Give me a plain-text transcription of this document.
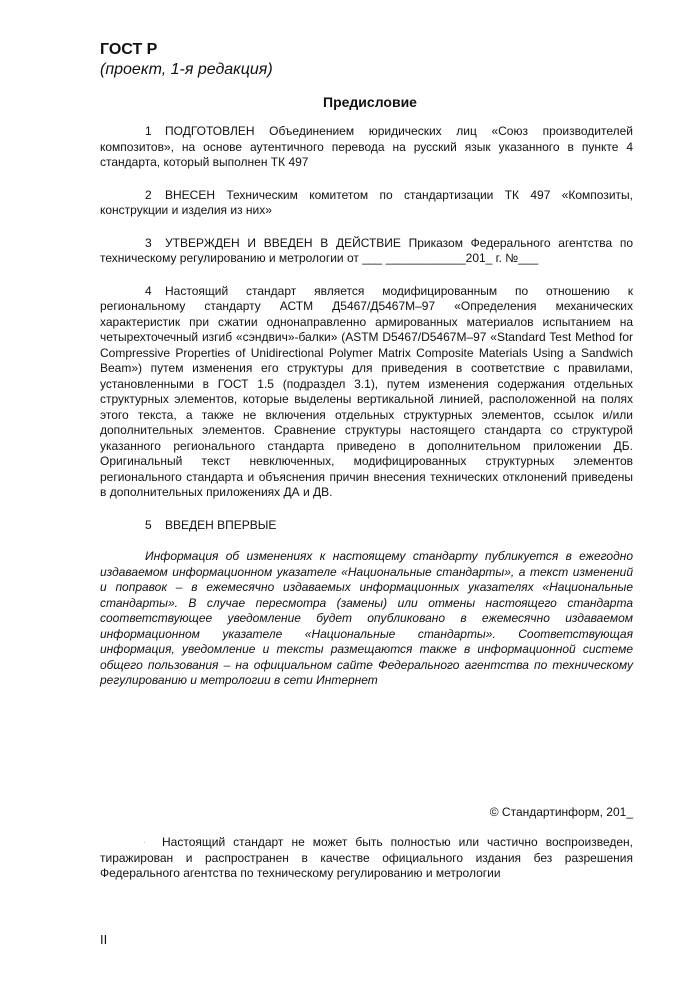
ГОСТ Р
(проект, 1-я редакция)
Предисловие

1 ПОДГОТОВЛЕН Объединением юридических лиц «Союз производителей композитов», на основе аутентичного перевода на русский язык указанного в пункте 4 стандарта, который выполнен ТК 497

2 ВНЕСЕН Техническим комитетом по стандартизации ТК 497 «Композиты, конструкции и изделия из них»

3 УТВЕРЖДЕН И ВВЕДЕН В ДЕЙСТВИЕ Приказом Федерального агентства по техническому регулированию и метрологии от ___ ____________201_ г. №___

4 Настоящий стандарт является модифицированным по отношению к региональному стандарту АСТМ Д5467/Д5467М–97 «Определения механических характеристик при сжатии однонаправленно армированных материалов испытанием на четырехточечный изгиб «сэндвич»-балки» (ASTM D5467/D5467M–97 «Standard Test Method for Compressive Properties of Unidirectional Polymer Matrix Composite Materials Using a Sandwich Beam») путем изменения его структуры для приведения в соответствие с правилами, установленными в ГОСТ 1.5 (подраздел 3.1), путем изменения содержания отдельных структурных элементов, которые выделены вертикальной линией, расположенной на полях этого текста, а также не включения отдельных структурных элементов, ссылок и/или дополнительных элементов. Сравнение структуры настоящего стандарта со структурой указанного регионального стандарта приведено в дополнительном приложении ДБ. Оригинальный текст невключенных, модифицированных структурных элементов регионального стандарта и объяснения причин внесения технических отклонений приведены в дополнительных приложениях ДА и ДВ.

5 ВВЕДЕН ВПЕРВЫЕ

Информация об изменениях к настоящему стандарту публикуется в ежегодно издаваемом информационном указателе «Национальные стандарты», а текст изменений и поправок – в ежемесячно издаваемых информационных указателях «Национальные стандарты». В случае пересмотра (замены) или отмены настоящего стандарта соответствующее уведомление будет опубликовано в ежемесячно издаваемом информационном указателе «Национальные стандарты». Соответствующая информация, уведомление и тексты размещаются также в информационной системе общего пользования – на официальном сайте Федерального агентства по техническому регулированию и метрологии в сети Интернет

© Стандартинформ, 201_
.	Настоящий стандарт не может быть полностью или частично воспроизведен, тиражирован и распространен в качестве официального издания без разрешения Федерального агентства по техническому регулированию и метрологии

II
